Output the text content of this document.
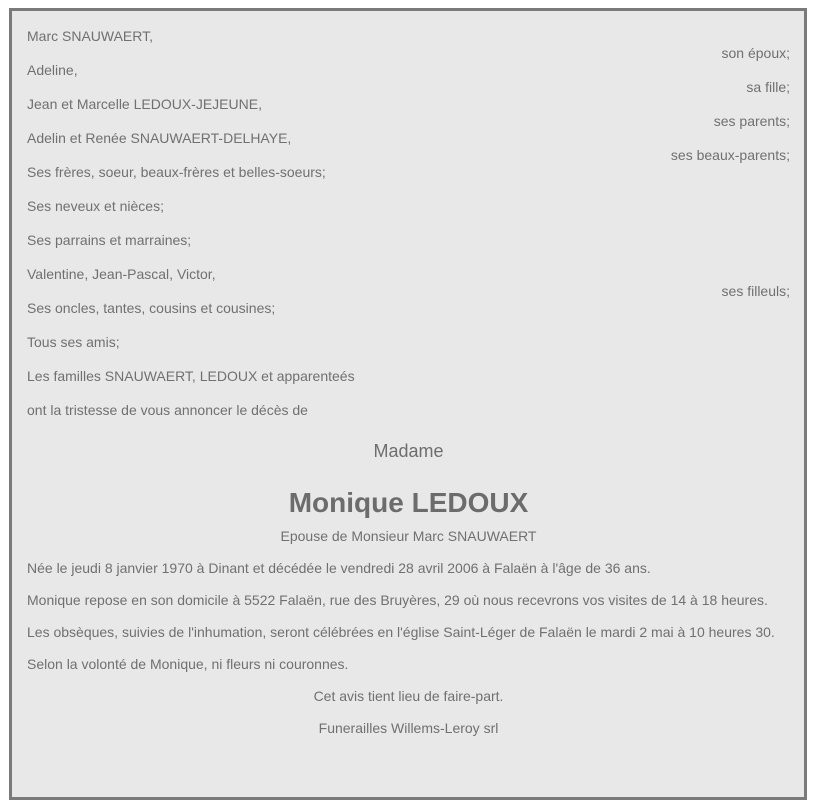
Marc SNAUWAERT,
son époux;
Adeline,
sa fille;
Jean et Marcelle LEDOUX-JEJEUNE,
ses parents;
Adelin et Renée SNAUWAERT-DELHAYE,
ses beaux-parents;
Ses frères, soeur, beaux-frères et belles-soeurs;
Ses neveux et nièces;
Ses parrains et marraines;
Valentine, Jean-Pascal, Victor,
ses filleuls;
Ses oncles, tantes, cousins et cousines;
Tous ses amis;
Les familles SNAUWAERT, LEDOUX et apparenteés
ont la tristesse de vous annoncer le décès de
Madame
Monique LEDOUX
Epouse de Monsieur Marc SNAUWAERT
Née le jeudi 8 janvier 1970 à Dinant et décédée le vendredi 28 avril 2006 à Falaën à l'âge de 36 ans.
Monique repose en son domicile à 5522 Falaën, rue des Bruyères, 29 où nous recevrons vos visites de 14 à 18 heures.
Les obsèques, suivies de l'inhumation, seront célébrées en l'église Saint-Léger de Falaën le mardi 2 mai à 10 heures 30.
Selon la volonté de Monique, ni fleurs ni couronnes.
Cet avis tient lieu de faire-part.
Funerailles Willems-Leroy srl
